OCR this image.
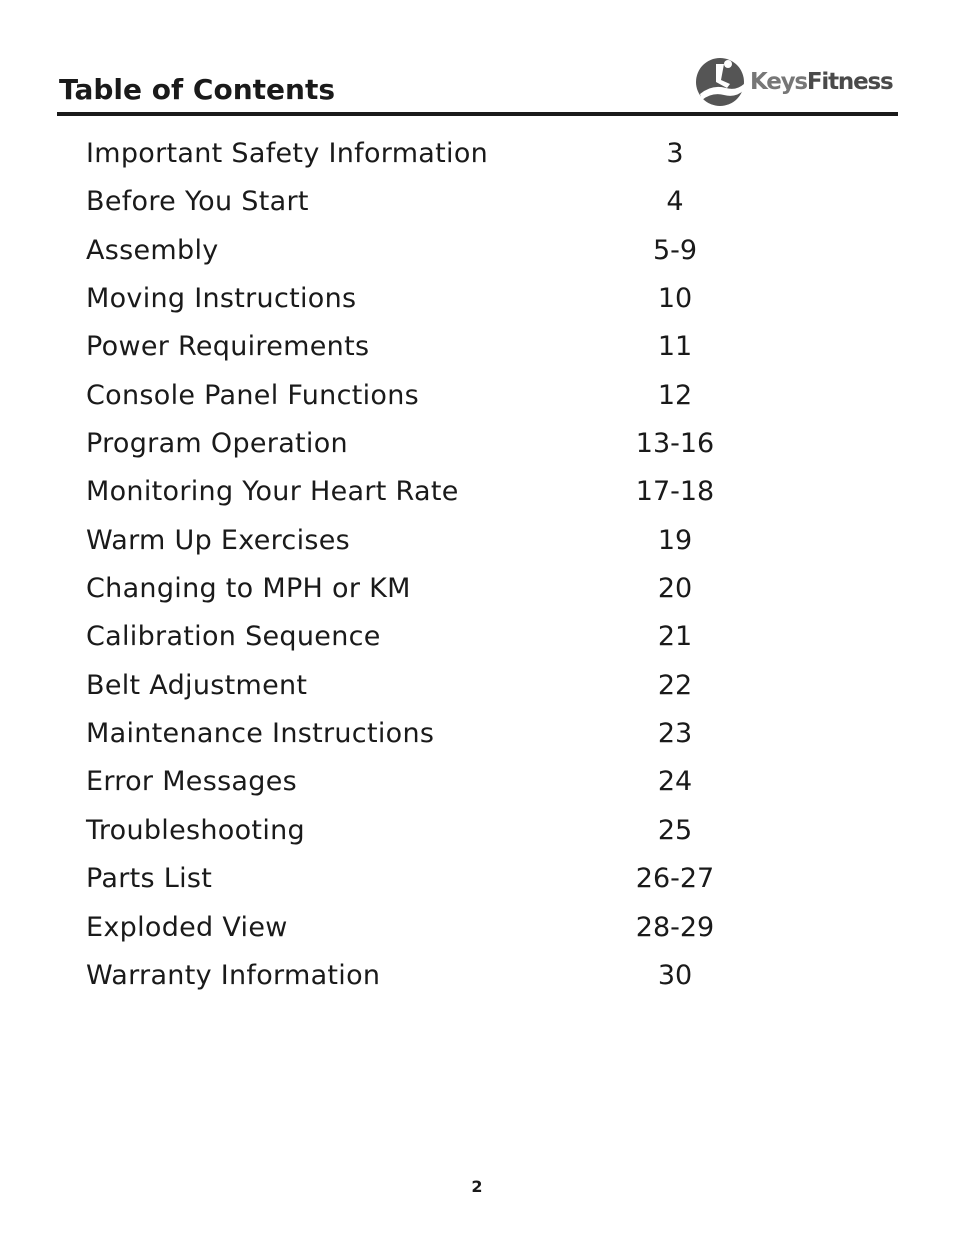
Table of Contents	KeysFitness
Important Safety Information	3
Before You Start	4
Assembly	5-9
Moving Instructions	10
Power Requirements	11
Console Panel Functions	12
Program Operation	13-16
Monitoring Your Heart Rate	17-18
Warm Up Exercises	19
Changing to MPH or KM	20
Calibration Sequence	21
Belt Adjustment	22
Maintenance Instructions	23
Error Messages	24
Troubleshooting	25
Parts List	26-27
Exploded View	28-29
Warranty Information	30
2
